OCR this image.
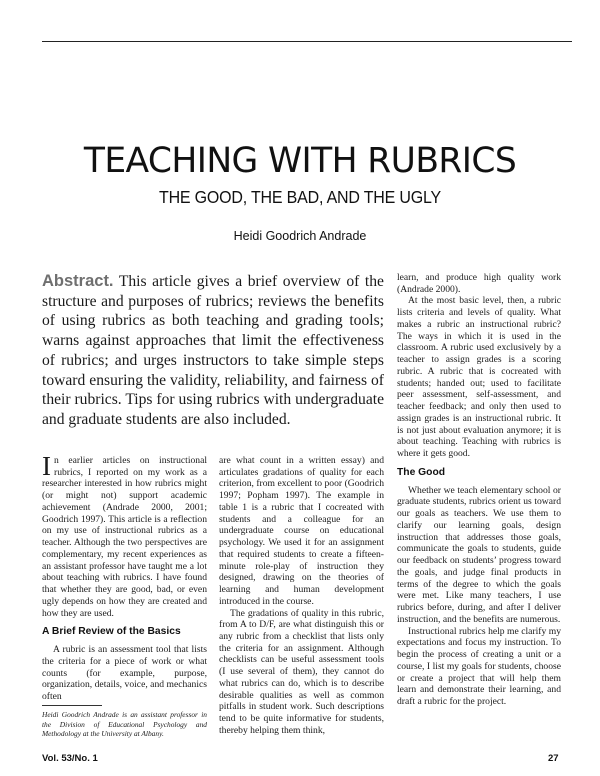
TEACHING WITH RUBRICS
THE GOOD, THE BAD, AND THE UGLY
Heidi Goodrich Andrade

Abstract. This article gives a brief overview of the structure and purposes of rubrics; reviews the benefits of using rubrics as both teaching and grading tools; warns against approaches that limit the effectiveness of rubrics; and urges instructors to take simple steps toward ensuring the validity, reliability, and fairness of their rubrics. Tips for using rubrics with undergraduate and graduate students are also included.

In earlier articles on instructional rubrics, I reported on my work as a researcher interested in how rubrics might (or might not) support academic achievement (Andrade 2000, 2001; Goodrich 1997). This article is a reflection on my use of instructional rubrics as a teacher. Although the two perspectives are complementary, my recent experiences as an assistant professor have taught me a lot about teaching with rubrics. I have found that whether they are good, bad, or even ugly depends on how they are created and how they are used.

A Brief Review of the Basics

A rubric is an assessment tool that lists the criteria for a piece of work or what counts (for example, purpose, organization, details, voice, and mechanics often

are what count in a written essay) and articulates gradations of quality for each criterion, from excellent to poor (Goodrich 1997; Popham 1997). The example in table 1 is a rubric that I cocreated with students and a colleague for an undergraduate course on educational psychology. We used it for an assignment that required students to create a fifteen-minute role-play of instruction they designed, drawing on the theories of learning and human development introduced in the course.

The gradations of quality in this rubric, from A to D/F, are what distinguish this or any rubric from a checklist that lists only the criteria for an assignment. Although checklists can be useful assessment tools (I use several of them), they cannot do what rubrics can do, which is to describe desirable qualities as well as common pitfalls in student work. Such descriptions tend to be quite informative for students, thereby helping them think,

learn, and produce high quality work (Andrade 2000).

At the most basic level, then, a rubric lists criteria and levels of quality. What makes a rubric an instructional rubric? The ways in which it is used in the classroom. A rubric used exclusively by a teacher to assign grades is a scoring rubric. A rubric that is cocreated with students; handed out; used to facilitate peer assessment, self-assessment, and teacher feedback; and only then used to assign grades is an instructional rubric. It is not just about evaluation anymore; it is about teaching. Teaching with rubrics is where it gets good.

The Good

Whether we teach elementary school or graduate students, rubrics orient us toward our goals as teachers. We use them to clarify our learning goals, design instruction that addresses those goals, communicate the goals to students, guide our feedback on students’ progress toward the goals, and judge final products in terms of the degree to which the goals were met. Like many teachers, I use rubrics before, during, and after I deliver instruction, and the benefits are numerous.

Instructional rubrics help me clarify my expectations and focus my instruction. To begin the process of creating a unit or a course, I list my goals for students, choose or create a project that will help them learn and demonstrate their learning, and draft a rubric for the project.

Heidi Goodrich Andrade is an assistant professor in the Division of Educational Psychology and Methodology at the University at Albany.

Vol. 53/No. 1	27
